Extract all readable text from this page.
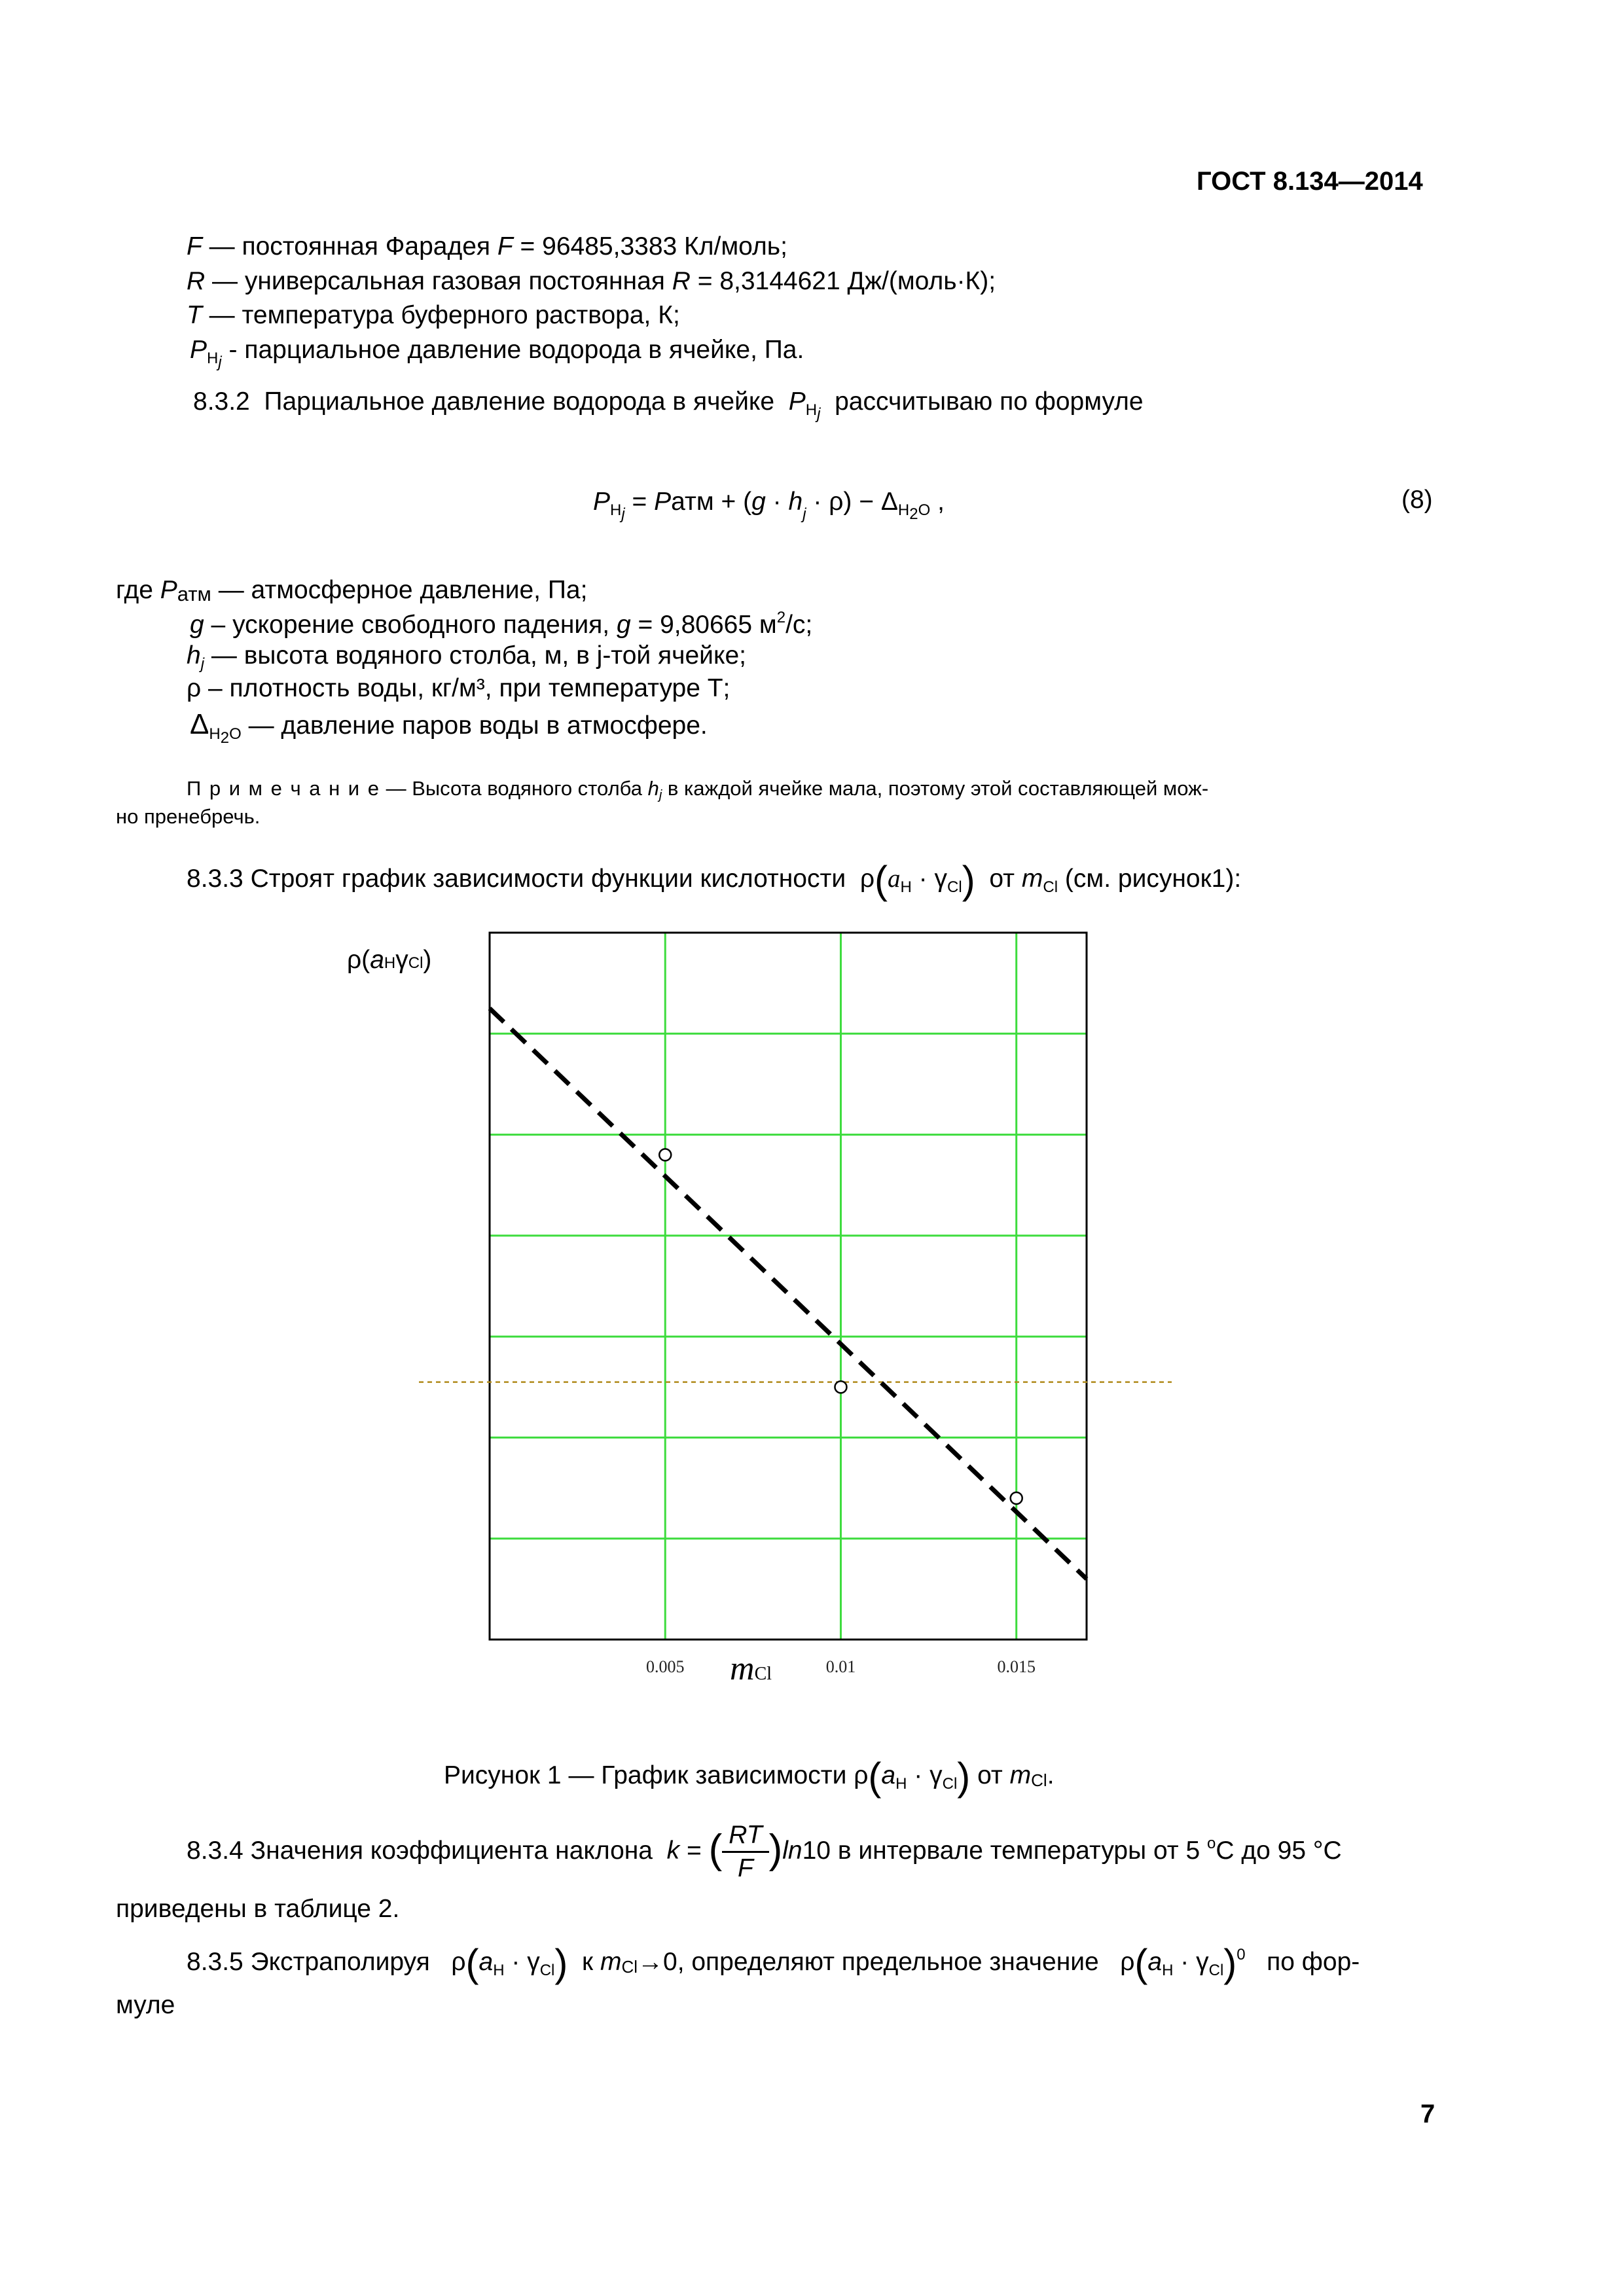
ГОСТ 8.134—2014
F — постоянная Фарадея F = 96485,3383 Кл/моль;
R — универсальная газовая постоянная R = 8,3144621 Дж/(моль·К);
T — температура буферного раствора, К;
$P_{Hj}$ - парциальное давление водорода в ячейке, Па.
8.3.2 Парциальное давление водорода в ячейке $P_{Hj}$ рассчитываю по формуле
$P_{Hj}$ = Pатм + $(g \cdot h_j \cdot \rho) - \Delta_{H2O}$ ,	(8)
где Pатм — атмосферное давление, Па;
g – ускорение свободного падения, g = 9,80665 $м^2/с$;
$h_j$ — высота водяного столба, м, в j-той ячейке;
ρ – плотность воды, кг/м³, при температуре Т;
$\Delta_{H2O}$ — давление паров воды в атмосфере.
П р и м е ч а н и е — Высота водяного столба hj в каждой ячейке мала, поэтому этой составляющей мож-
но пренебречь.
8.3.3 Строят график зависимости функции кислотности $\rho(a_H \cdot \gamma_{Cl})$ от $m_{Cl}$ (см. рисунок1):
ρ(aHγCl)
0.005	0.01	0.015
mCl
Рисунок 1 — График зависимости $\rho(a_H \cdot \gamma_{Cl})$ от mCl.
8.3.4 Значения коэффициента наклона k = ( $\frac{RT}{F} )\ln 10$ в интервале температуры от 5 $^o$С до 95 °С
приведены в таблице 2.
8.3.5 Экстраполируя $\rho(a_H \cdot \gamma_{Cl})$ к mCl→0, определяют предельное значение $\rho(a_H \cdot \gamma_{Cl})^0$ по фор-
муле
7
